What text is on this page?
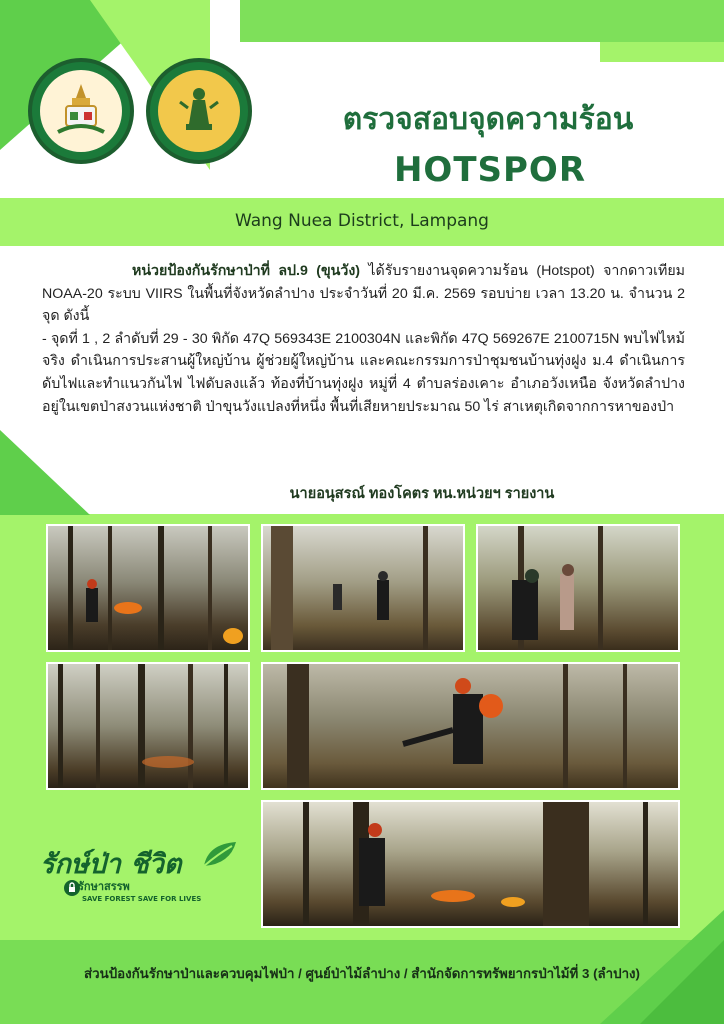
ตรวจสอบจุดความร้อน
HOTSPOR
Wang Nuea District, Lampang

หน่วยป้องกันรักษาป่าที่ ลป.9 (ขุนวัง) ได้รับรายงานจุดความร้อน (Hotspot) จากดาวเทียม NOAA-20 ระบบ VIIRS ในพื้นที่จังหวัดลำปาง ประจำวันที่ 20 มี.ค. 2569 รอบบ่าย เวลา 13.20 น. จำนวน 2 จุด ดังนี้

- จุดที่ 1 , 2 ลำดับที่ 29 - 30 พิกัด 47Q 569343E 2100304N และพิกัด 47Q 569267E 2100715N พบไฟไหม้จริง ดำเนินการประสานผู้ใหญ่บ้าน ผู้ช่วยผู้ใหญ่บ้าน และคณะกรรมการป่าชุมชนบ้านทุ่งฝูง ม.4 ดำเนินการดับไฟและทำแนวกันไฟ ไฟดับลงแล้ว ท้องที่บ้านทุ่งฝูง หมู่ที่ 4 ตำบลร่องเคาะ อำเภอวังเหนือ จังหวัดลำปาง อยู่ในเขตป่าสงวนแห่งชาติ ป่าขุนวังแปลงที่หนึ่ง พื้นที่เสียหายประมาณ 50 ไร่ สาเหตุเกิดจากการหาของป่า

นายอนุสรณ์ ทองโคตร หน.หน่วยฯ รายงาน
รักษ์ป่า ชีวิต
รักษาสรรพ
SAVE FOREST SAVE FOR LIVES
ส่วนป้องกันรักษาป่าและควบคุมไฟป่า / ศูนย์ป่าไม้ลำปาง / สำนักจัดการทรัพยากรป่าไม้ที่ 3 (ลำปาง)
